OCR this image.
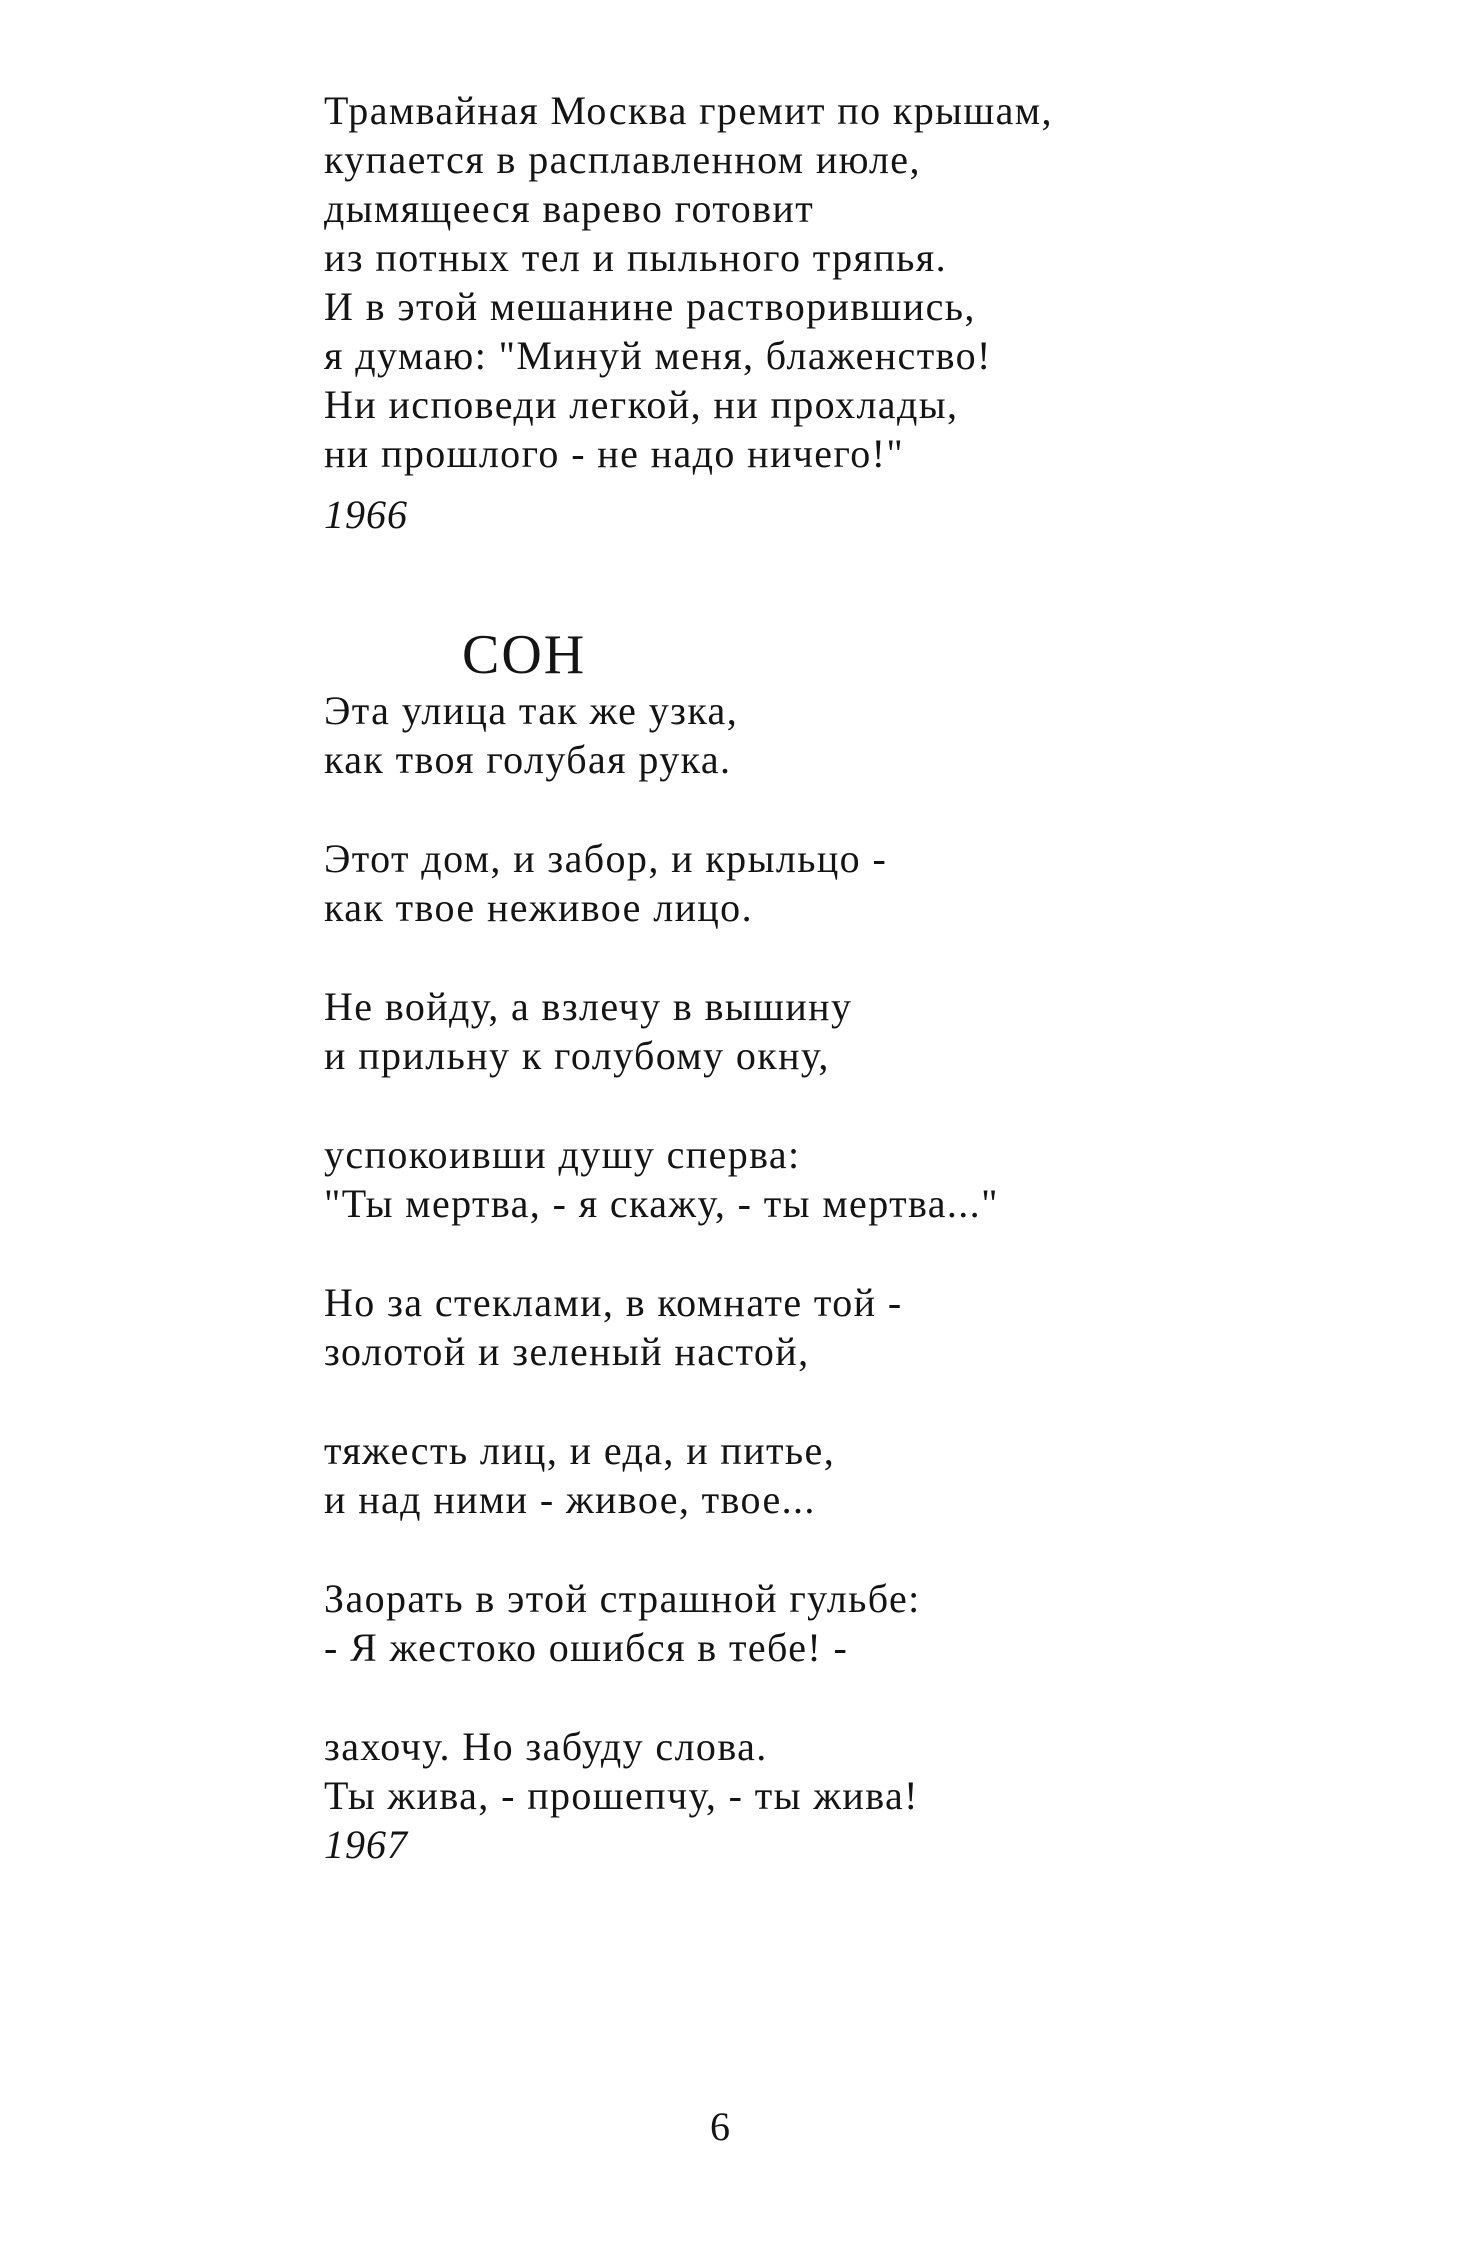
Трамвайная Москва гремит по крышам,
купается в расплавленном июле,
дымящееся варево готовит
из потных тел и пыльного тряпья.
И в этой мешанине растворившись,
я думаю: "Минуй меня, блаженство!
Ни исповеди легкой, ни прохлады,
ни прошлого - не надо ничего!"
1966
СОН
Эта улица так же узка,
как твоя голубая рука.
Этот дом, и забор, и крыльцо -
как твое неживое лицо.
Не войду, а взлечу в вышину
и прильну к голубому окну,
успокоивши душу сперва:
"Ты мертва, - я скажу, - ты мертва..."
Но за стеклами, в комнате той -
золотой и зеленый настой,
тяжесть лиц, и еда, и питье,
и над ними - живое, твое...
Заорать в этой страшной гульбе:
- Я жестоко ошибся в тебе! -
захочу. Но забуду слова.
Ты жива, - прошепчу, - ты жива!
1967
6
